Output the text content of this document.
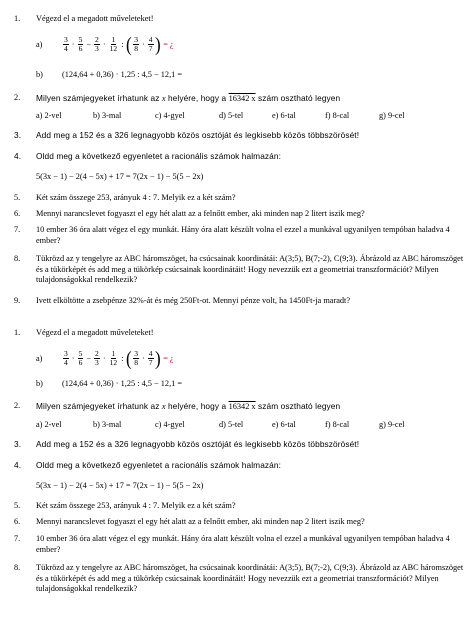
1.	Végezd el a megadott műveleteket!
a)	$\frac{3}{4} \cdot \frac{5}{6} - \frac{2}{3} \cdot \frac{1}{12}$ : ( $\frac{3}{8} \cdot \frac{4}{7}$ ) = ¿
b) (124,64 + 0,36) · 1,25 : 4,5 − 12,1 =
2.	Milyen számjegyeket írhatunk az x helyére, hogy a 16342 x szám osztható legyen
a) 2-vel	b) 3-mal	c) 4-gyel	d) 5-tel	e) 6-tal	f) 8-cal	g) 9-cel
3.	Add meg a 152 és a 326 legnagyobb közös osztóját és legkisebb közös többszörösét!
4.	Oldd meg a következő egyenletet a racionális számok halmazán:
5(3x − 1) − 2(4 − 5x) + 17 = 7(2x − 1) − 5(5 − 2x)
5.	Két szám összege 253, arányuk 4 : 7. Melyik ez a két szám?
6.	Mennyi narancslevet fogyaszt el egy hét alatt az a felnőtt ember, aki minden nap 2 litert iszik meg?
7.	10 ember 36 óra alatt végez el egy munkát. Hány óra alatt készült volna el ezzel a munkával ugyanilyen tempóban haladva 4 ember?
8.	Tükrözd az y tengelyre az ABC háromszöget, ha csúcsainak koordinátái: A(3;5), B(7;-2), C(9;3). Ábrázold az ABC háromszöget és a tükörképét és add meg a tükörkép csúcsainak koordinátáit! Hogy nevezzük ezt a geometriai transzformációt? Milyen tulajdonságokkal rendelkezik?
9.	Ivett elköltötte a zsebpénze 32%-át és még 250Ft-ot. Mennyi pénze volt, ha 1450Ft-ja maradt?
1.	Végezd el a megadott műveleteket!
a)	$\frac{3}{4} \cdot \frac{5}{6} - \frac{2}{3} \cdot \frac{1}{12}$ : ( $\frac{3}{8} \cdot \frac{4}{7}$ ) = ¿
b) (124,64 + 0,36) · 1,25 : 4,5 − 12,1 =
2.	Milyen számjegyeket írhatunk az x helyére, hogy a 16342 x szám osztható legyen
a) 2-vel	b) 3-mal	c) 4-gyel	d) 5-tel	e) 6-tal	f) 8-cal	g) 9-cel
3.	Add meg a 152 és a 326 legnagyobb közös osztóját és legkisebb közös többszörösét!
4.	Oldd meg a következő egyenletet a racionális számok halmazán:
5(3x − 1) − 2(4 − 5x) + 17 = 7(2x − 1) − 5(5 − 2x)
5.	Két szám összege 253, arányuk 4 : 7. Melyik ez a két szám?
6.	Mennyi narancslevet fogyaszt el egy hét alatt az a felnőtt ember, aki minden nap 2 litert iszik meg?
7.	10 ember 36 óra alatt végez el egy munkát. Hány óra alatt készült volna el ezzel a munkával ugyanilyen tempóban haladva 4 ember?
8.	Tükrözd az y tengelyre az ABC háromszöget, ha csúcsainak koordinátái: A(3;5), B(7;-2), C(9;3). Ábrázold az ABC háromszöget és a tükörképét és add meg a tükörkép csúcsainak koordinátáit! Hogy nevezzük ezt a geometriai transzformációt? Milyen tulajdonságokkal rendelkezik?
